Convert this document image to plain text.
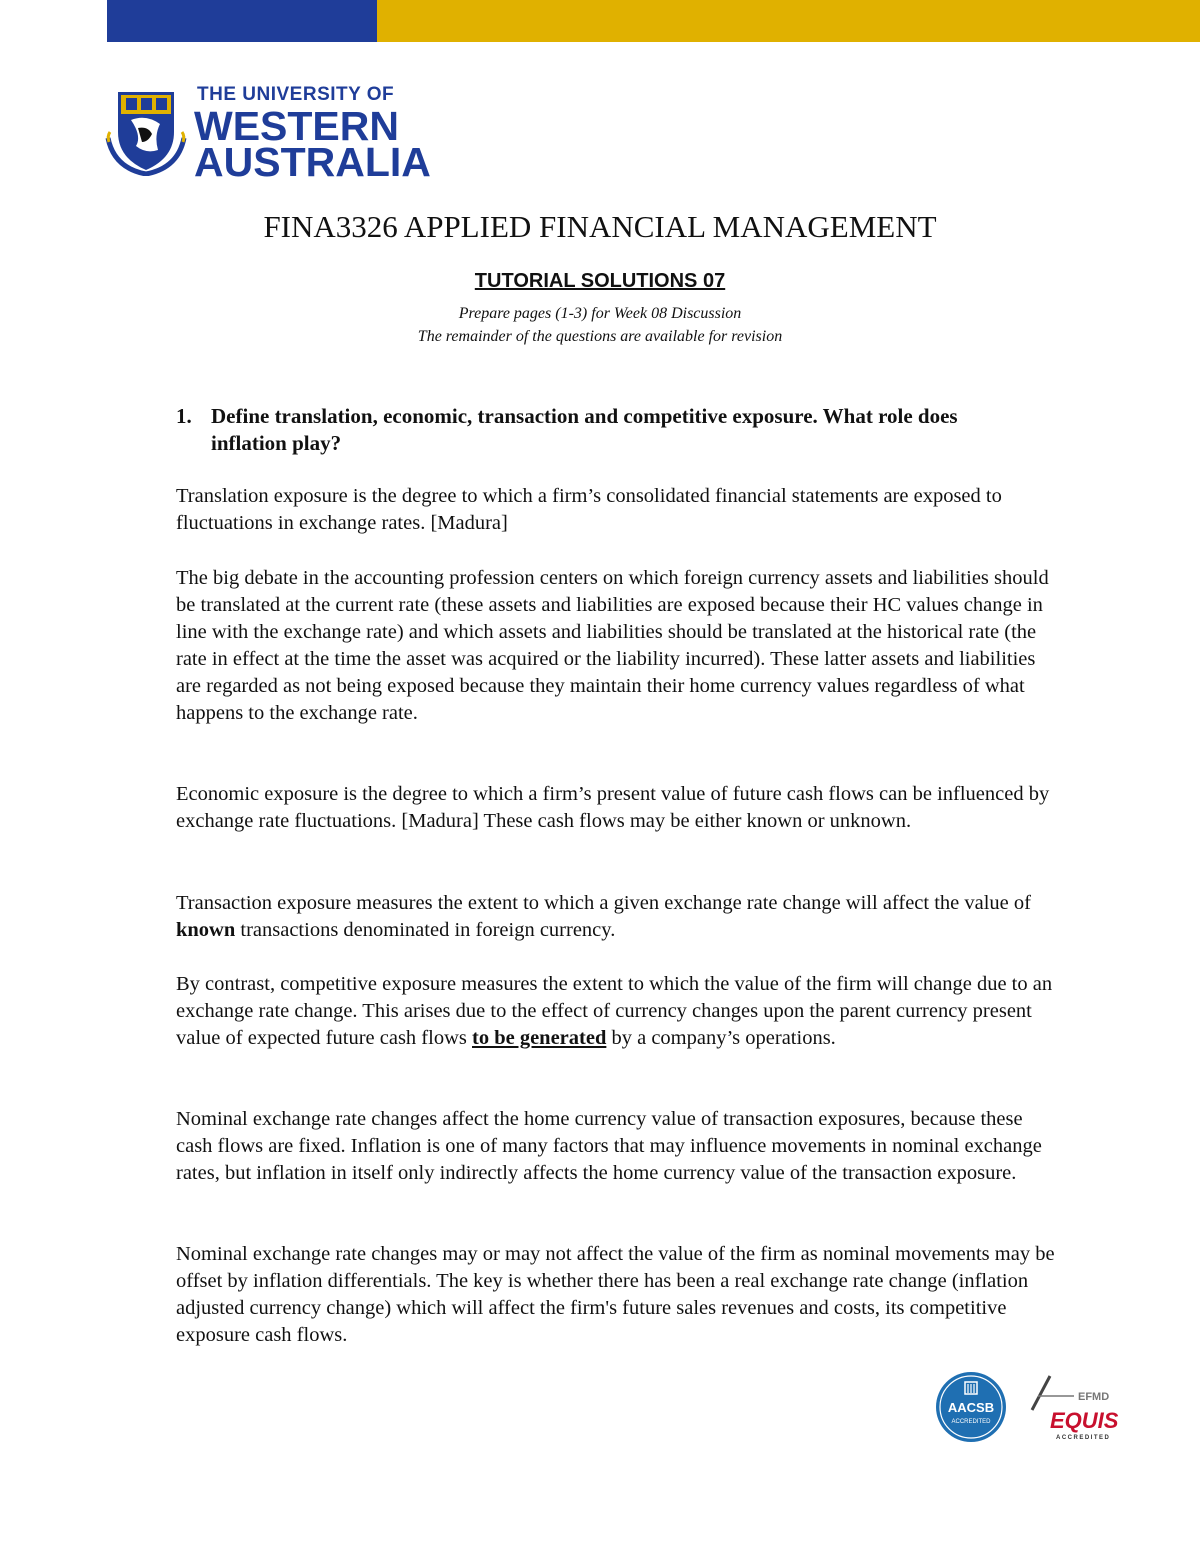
THE UNIVERSITY OF
WESTERN
AUSTRALIA
FINA3326 APPLIED FINANCIAL MANAGEMENT
TUTORIAL SOLUTIONS 07
Prepare pages (1-3) for Week 08 Discussion
The remainder of the questions are available for revision
1. Define translation, economic, transaction and competitive exposure. What role does inflation play?

Translation exposure is the degree to which a firm’s consolidated financial statements are exposed to fluctuations in exchange rates. [Madura]

The big debate in the accounting profession centers on which foreign currency assets and liabilities should be translated at the current rate (these assets and liabilities are exposed because their HC values change in line with the exchange rate) and which assets and liabilities should be translated at the historical rate (the rate in effect at the time the asset was acquired or the liability incurred). These latter assets and liabilities are regarded as not being exposed because they maintain their home currency values regardless of what happens to the exchange rate.

Economic exposure is the degree to which a firm’s present value of future cash flows can be influenced by exchange rate fluctuations. [Madura] These cash flows may be either known or unknown.

Transaction exposure measures the extent to which a given exchange rate change will affect the value of known transactions denominated in foreign currency.

By contrast, competitive exposure measures the extent to which the value of the firm will change due to an exchange rate change. This arises due to the effect of currency changes upon the parent currency present value of expected future cash flows to be generated by a company’s operations.

Nominal exchange rate changes affect the home currency value of transaction exposures, because these cash flows are fixed. Inflation is one of many factors that may influence movements in nominal exchange rates, but inflation in itself only indirectly affects the home currency value of the transaction exposure.

Nominal exchange rate changes may or may not affect the value of the firm as nominal movements may be offset by inflation differentials. The key is whether there has been a real exchange rate change (inflation adjusted currency change) which will affect the firm's future sales revenues and costs, its competitive exposure cash flows.

AACSB
ACCREDITED
EFMD
EQUIS
ACCREDITED
